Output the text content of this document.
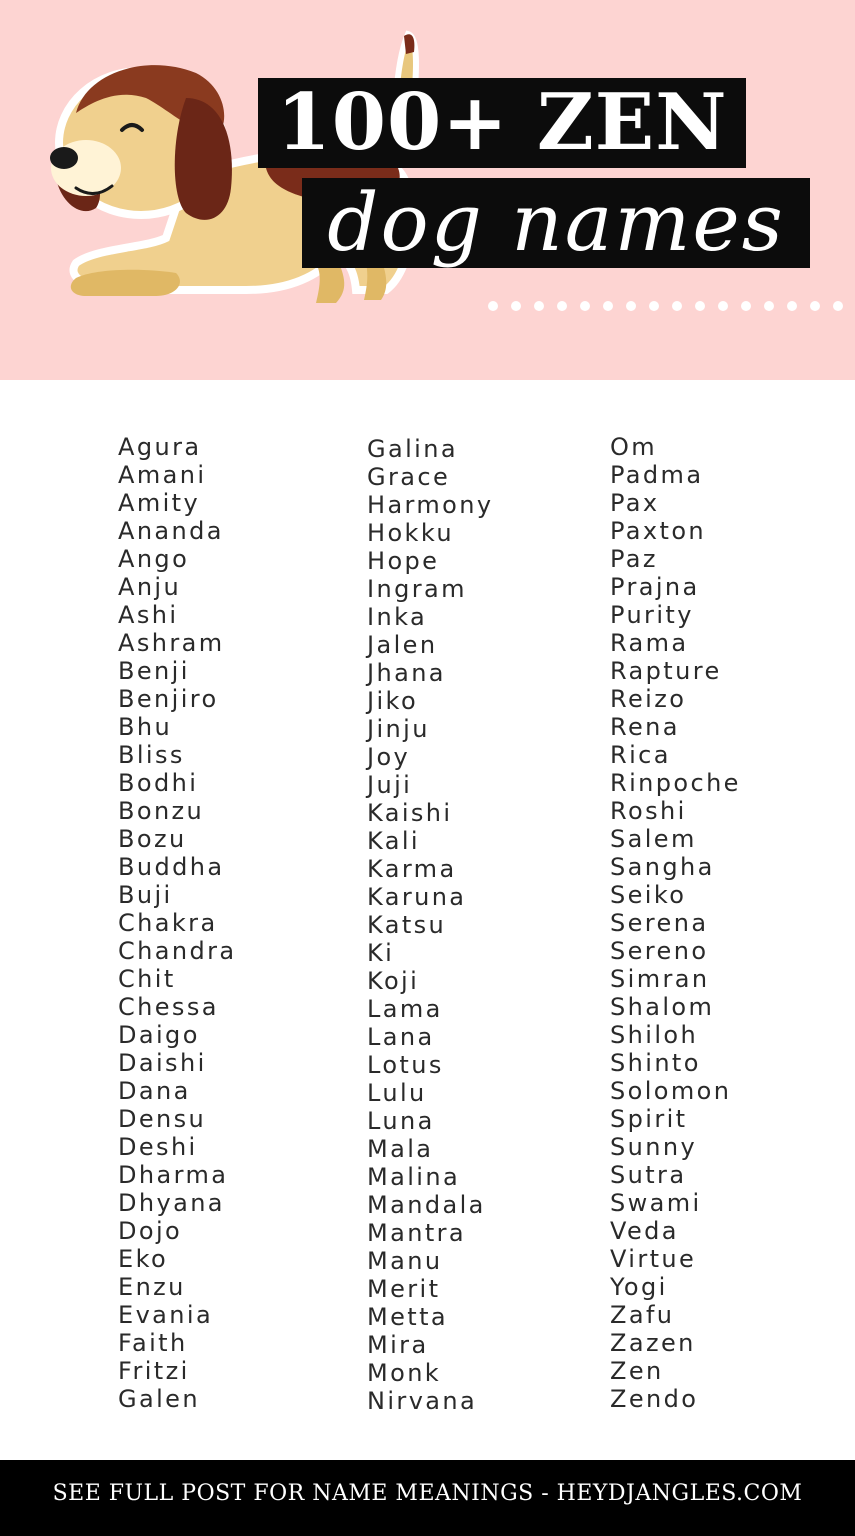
100+ ZEN
dog names
Agura
Amani
Amity
Ananda
Ango
Anju
Ashi
Ashram
Benji
Benjiro
Bhu
Bliss
Bodhi
Bonzu
Bozu
Buddha
Buji
Chakra
Chandra
Chit
Chessa
Daigo
Daishi
Dana
Densu
Deshi
Dharma
Dhyana
Dojo
Eko
Enzu
Evania
Faith
Fritzi
Galen
Galina
Grace
Harmony
Hokku
Hope
Ingram
Inka
Jalen
Jhana
Jiko
Jinju
Joy
Juji
Kaishi
Kali
Karma
Karuna
Katsu
Ki
Koji
Lama
Lana
Lotus
Lulu
Luna
Mala
Malina
Mandala
Mantra
Manu
Merit
Metta
Mira
Monk
Nirvana
Om
Padma
Pax
Paxton
Paz
Prajna
Purity
Rama
Rapture
Reizo
Rena
Rica
Rinpoche
Roshi
Salem
Sangha
Seiko
Serena
Sereno
Simran
Shalom
Shiloh
Shinto
Solomon
Spirit
Sunny
Sutra
Swami
Veda
Virtue
Yogi
Zafu
Zazen
Zen
Zendo
SEE FULL POST FOR NAME MEANINGS - HEYDJANGLES.COM
